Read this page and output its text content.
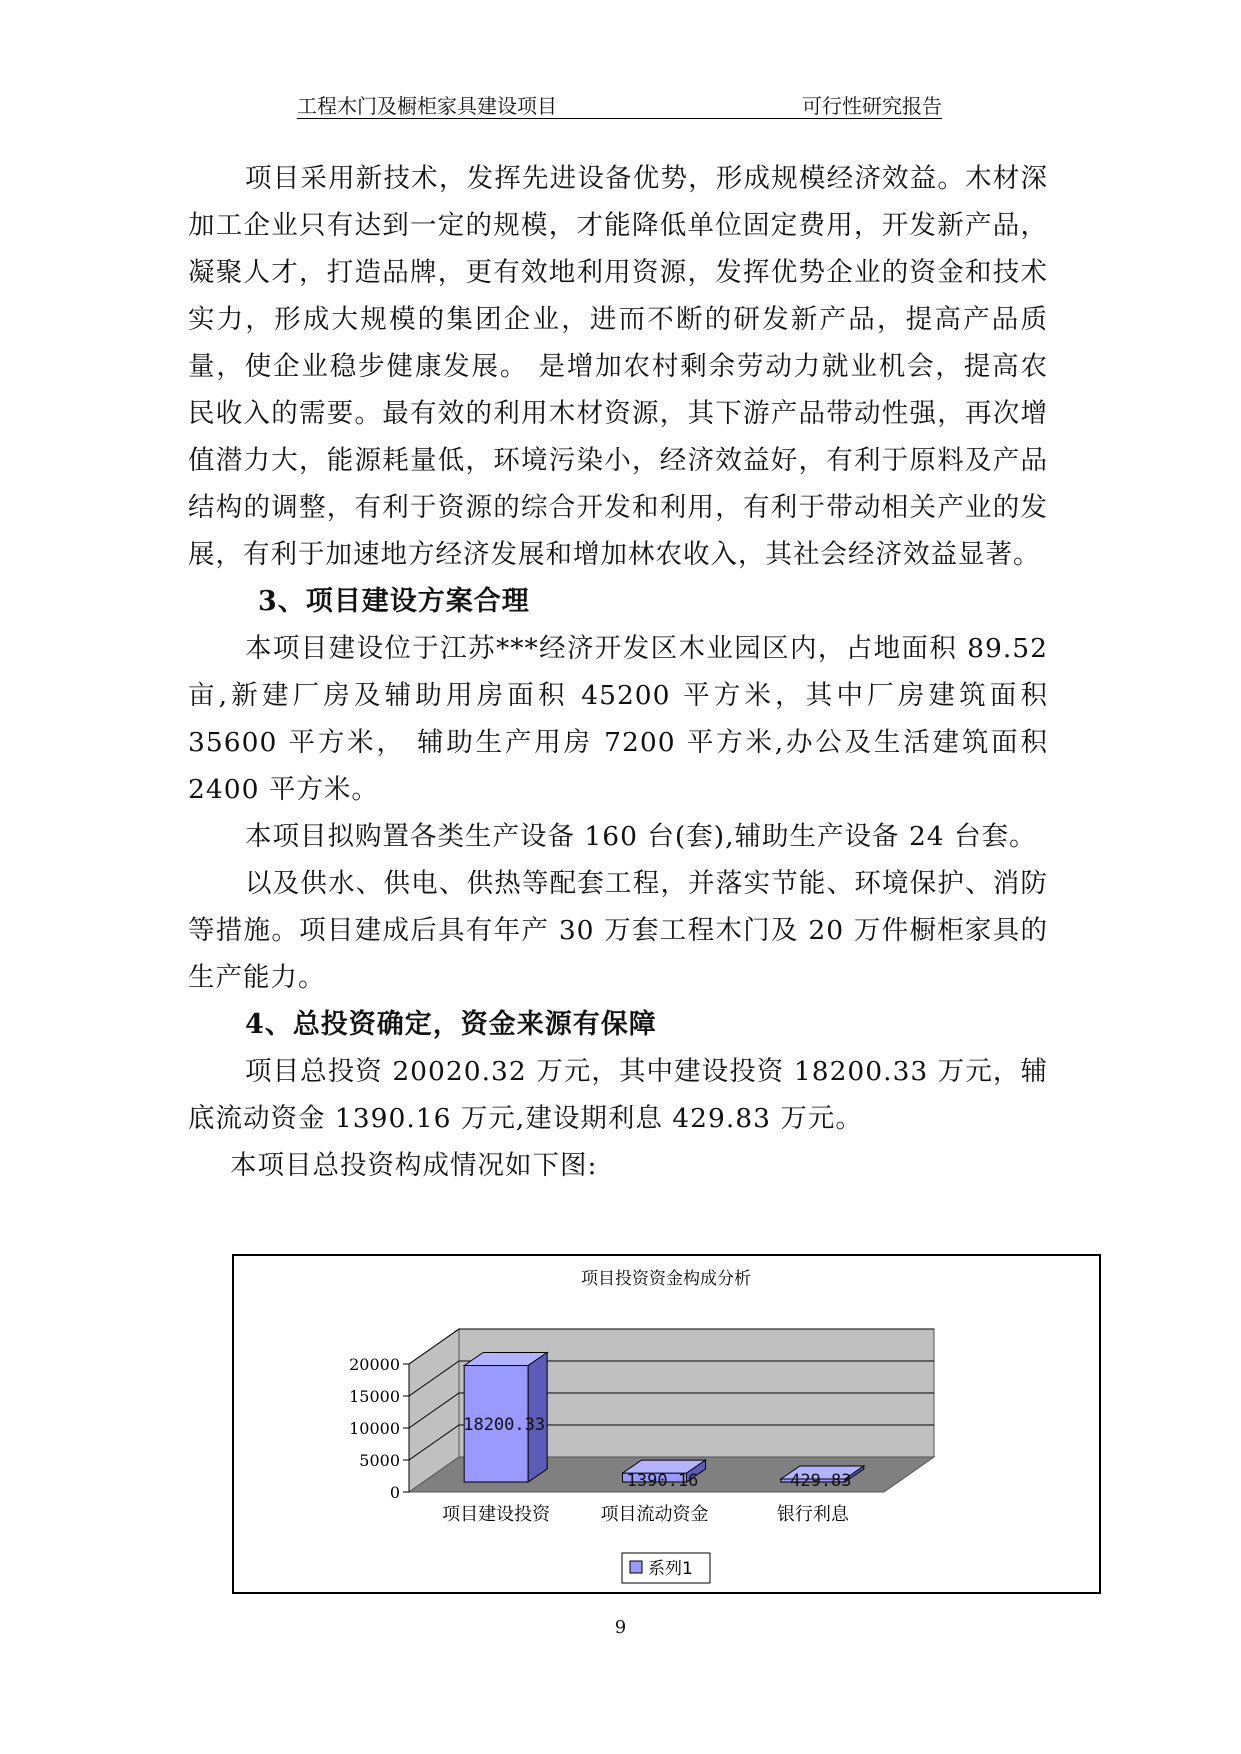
工程木门及橱柜家具建设项目	可行性研究报告

项目采用新技术，发挥先进设备优势，形成规模经济效益。木材深加工企业只有达到一定的规模，才能降低单位固定费用，开发新产品，凝聚人才，打造品牌，更有效地利用资源，发挥优势企业的资金和技术实力，形成大规模的集团企业，进而不断的研发新产品，提高产品质量，使企业稳步健康发展。 是增加农村剩余劳动力就业机会，提高农民收入的需要。最有效的利用木材资源，其下游产品带动性强，再次增值潜力大，能源耗量低，环境污染小，经济效益好，有利于原料及产品结构的调整，有利于资源的综合开发和利用，有利于带动相关产业的发展，有利于加速地方经济发展和增加林农收入，其社会经济效益显著。

3、项目建设方案合理

本项目建设位于江苏***经济开发区木业园区内，占地面积 89.52 亩,新建厂房及辅助用房面积 45200 平方米，其中厂房建筑面积 35600 平方米， 辅助生产用房 7200 平方米,办公及生活建筑面积 2400 平方米。

本项目拟购置各类生产设备 160 台(套),辅助生产设备 24 台套。

以及供水、供电、供热等配套工程，并落实节能、环境保护、消防等措施。项目建成后具有年产 30 万套工程木门及 20 万件橱柜家具的生产能力。

4、总投资确定，资金来源有保障

项目总投资 20020.32 万元，其中建设投资 18200.33 万元，辅底流动资金 1390.16 万元,建设期利息 429.83 万元。

本项目总投资构成情况如下图:

项目投资资金构成分析
0
5000
10000
15000
20000
18200.33
项目建设投资
1390.16
项目流动资金
429.83
银行利息
系列1
9
